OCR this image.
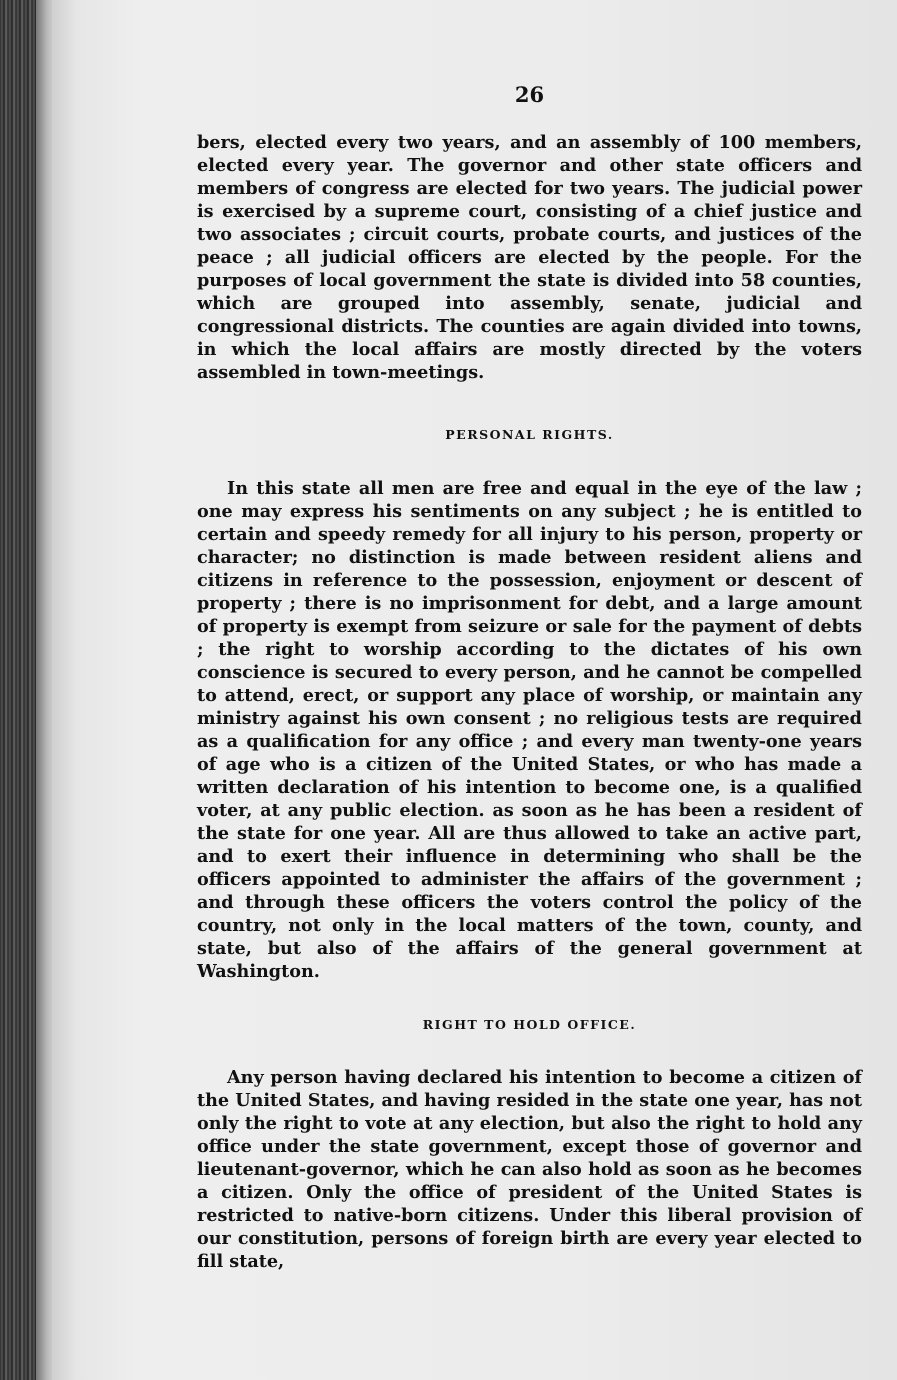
26

bers, elected every two years, and an assembly of 100 members, elected every year. The governor and other state officers and members of congress are elected for two years. The judicial power is exercised by a supreme court, consisting of a chief justice and two associates ; circuit courts, probate courts, and justices of the peace ; all judicial officers are elected by the people. For the purposes of local government the state is divided into 58 counties, which are grouped into assembly, senate, judicial and congressional districts. The counties are again divided into towns, in which the local affairs are mostly directed by the voters assembled in town-meetings.

PERSONAL RIGHTS.

In this state all men are free and equal in the eye of the law ; one may express his sentiments on any subject ; he is entitled to certain and speedy remedy for all injury to his person, property or character; no distinction is made between resident aliens and citizens in reference to the possession, enjoyment or descent of property ; there is no imprisonment for debt, and a large amount of property is exempt from seizure or sale for the payment of debts ; the right to worship according to the dictates of his own conscience is secured to every person, and he cannot be compelled to attend, erect, or support any place of worship, or maintain any ministry against his own consent ; no religious tests are required as a qualification for any office ; and every man twenty-one years of age who is a citizen of the United States, or who has made a written declaration of his intention to become one, is a qualified voter, at any public election. as soon as he has been a resident of the state for one year. All are thus allowed to take an active part, and to exert their influence in determining who shall be the officers appointed to administer the affairs of the government ; and through these officers the voters control the policy of the country, not only in the local matters of the town, county, and state, but also of the affairs of the general government at Washington.

RIGHT TO HOLD OFFICE.

Any person having declared his intention to become a citizen of the United States, and having resided in the state one year, has not only the right to vote at any election, but also the right to hold any office under the state government, except those of governor and lieutenant-governor, which he can also hold as soon as he becomes a citizen. Only the office of president of the United States is restricted to native-born citizens. Under this liberal provision of our constitution, persons of foreign birth are every year elected to fill state,
